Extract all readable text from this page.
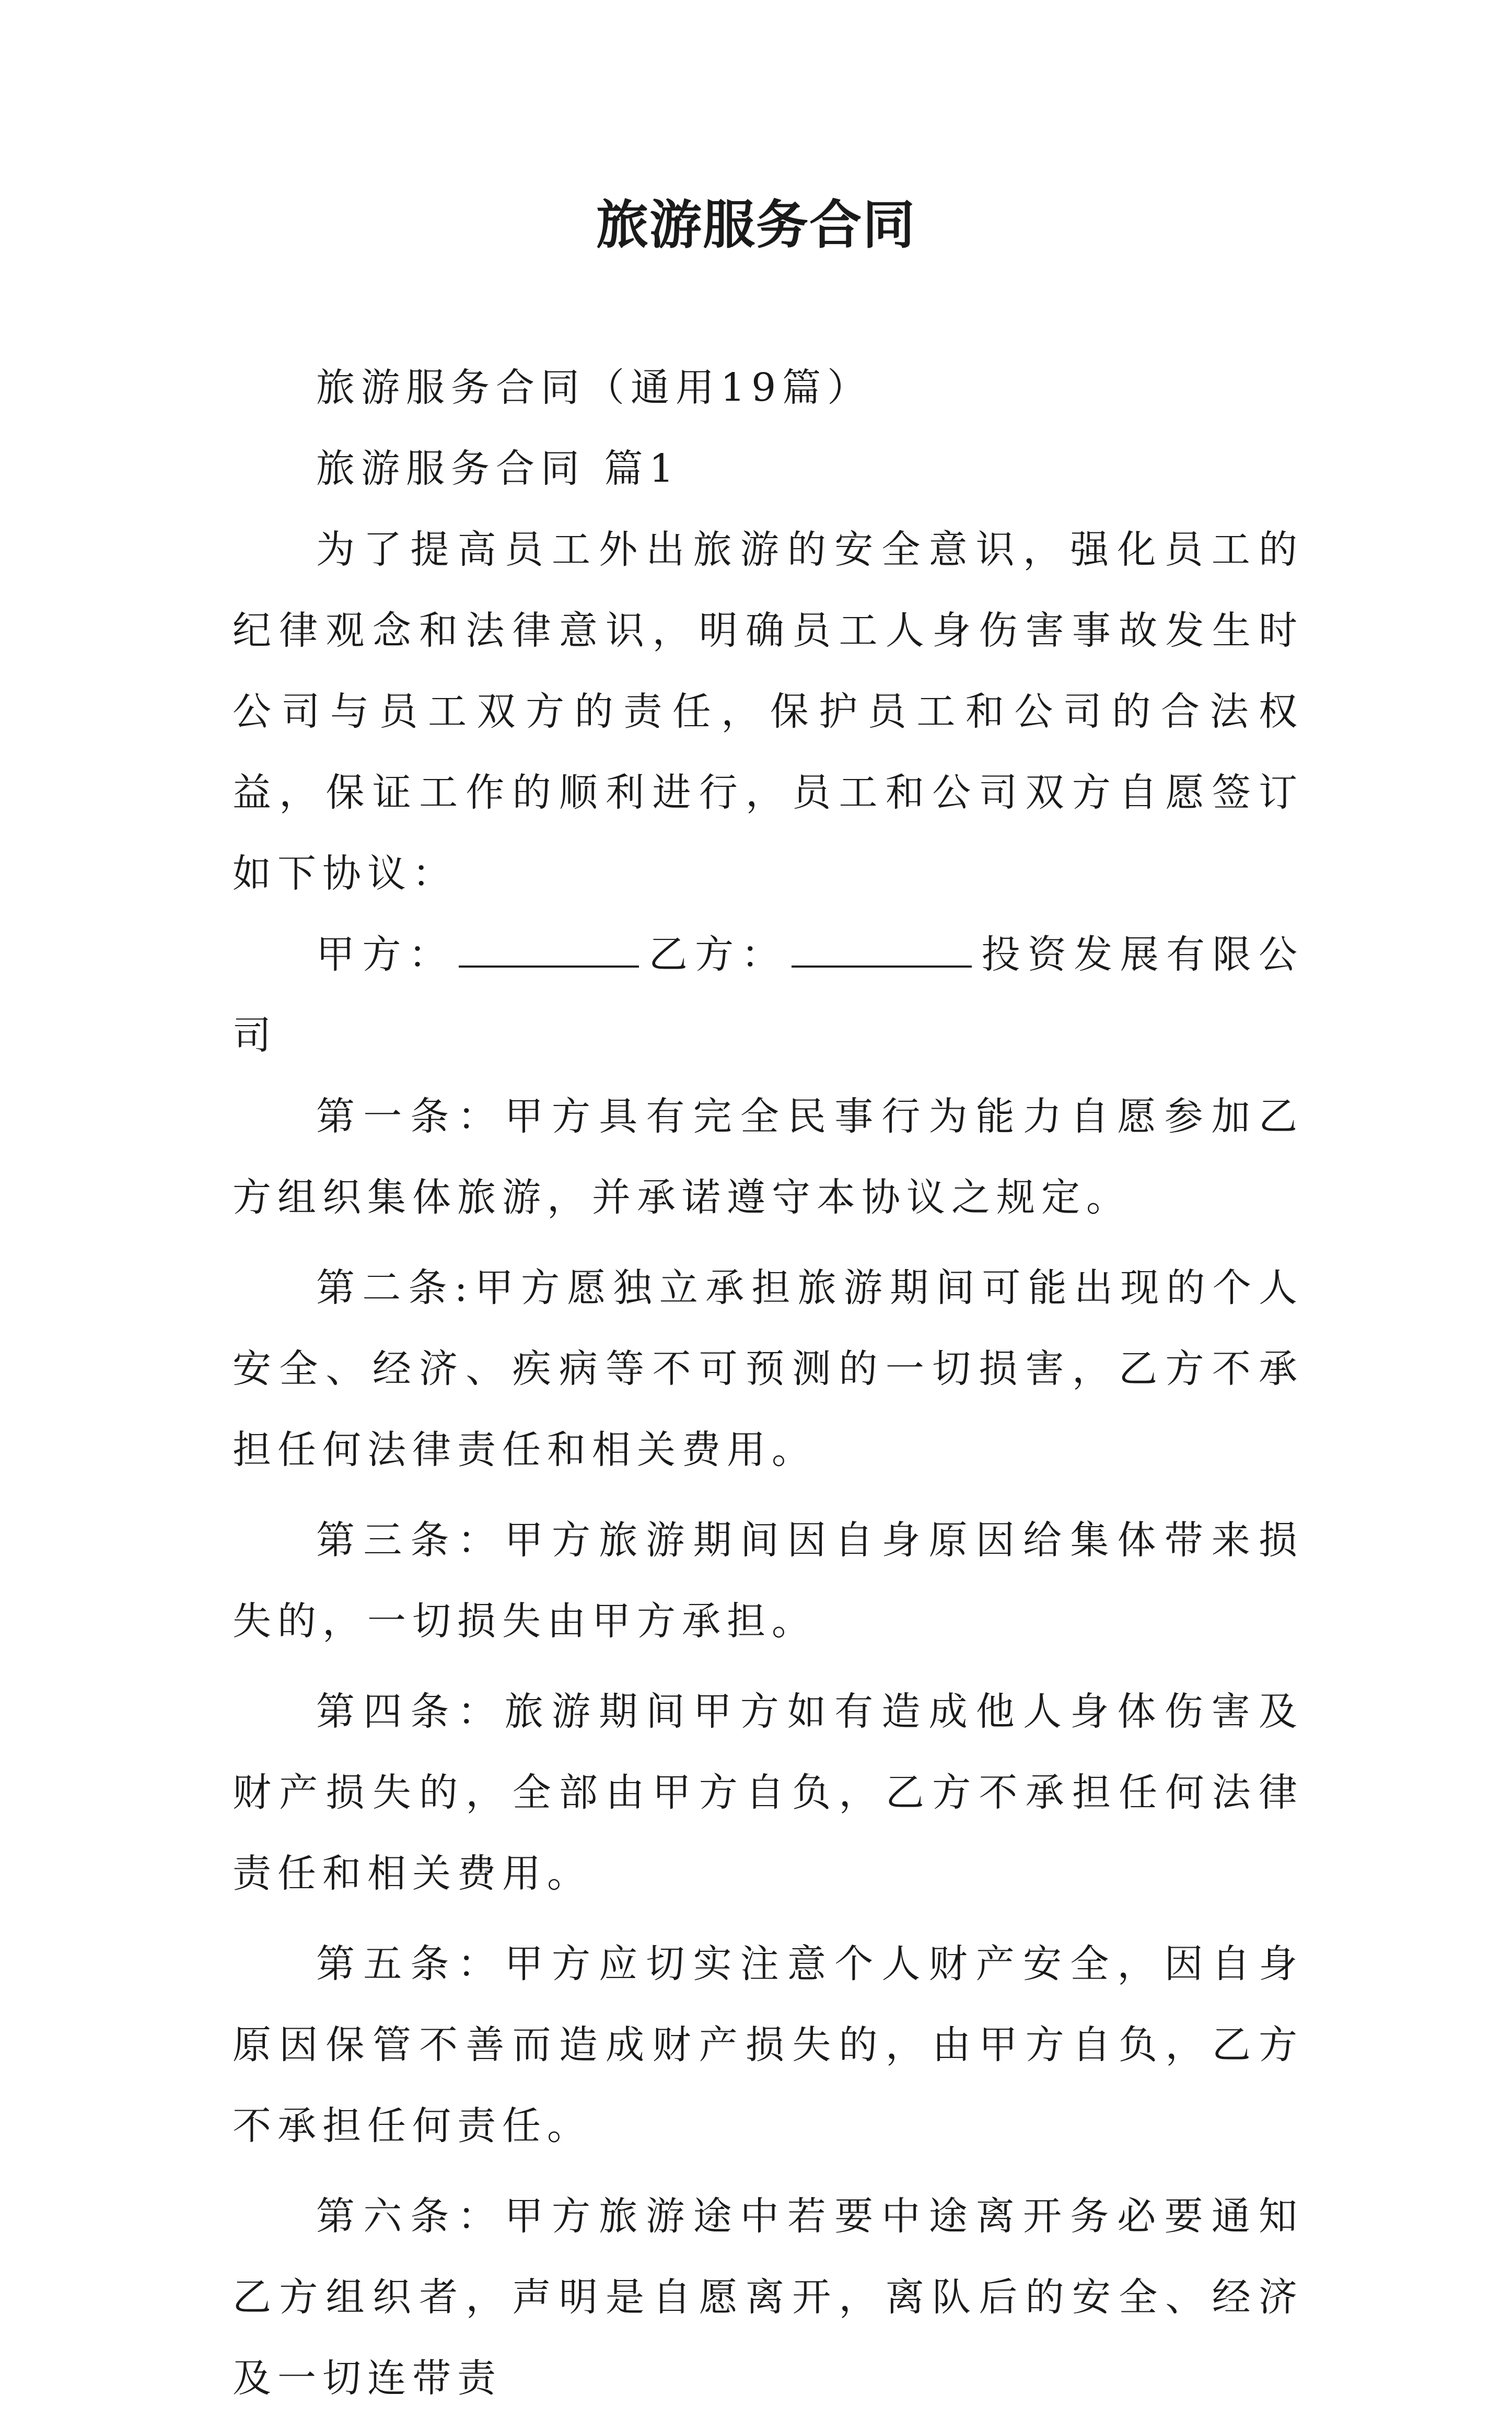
旅游服务合同

旅游服务合同（通用19篇）

旅游服务合同 篇1

为了提高员工外出旅游的安全意识，强化员工的纪律观念和法律意识，明确员工人身伤害事故发生时公司与员工双方的责任，保护员工和公司的合法权益，保证工作的顺利进行，员工和公司双方自愿签订如下协议：

甲方：	乙方：	投资发展有限公司

第一条：甲方具有完全民事行为能力自愿参加乙方组织集体旅游，并承诺遵守本协议之规定。

第二条:甲方愿独立承担旅游期间可能出现的个人安全、经济、疾病等不可预测的一切损害，乙方不承担任何法律责任和相关费用。

第三条：甲方旅游期间因自身原因给集体带来损失的，一切损失由甲方承担。

第四条：旅游期间甲方如有造成他人身体伤害及财产损失的，全部由甲方自负，乙方不承担任何法律责任和相关费用。

第五条：甲方应切实注意个人财产安全，因自身原因保管不善而造成财产损失的，由甲方自负，乙方不承担任何责任。

第六条：甲方旅游途中若要中途离开务必要通知乙方组织者，声明是自愿离开，离队后的安全、经济及一切连带责
